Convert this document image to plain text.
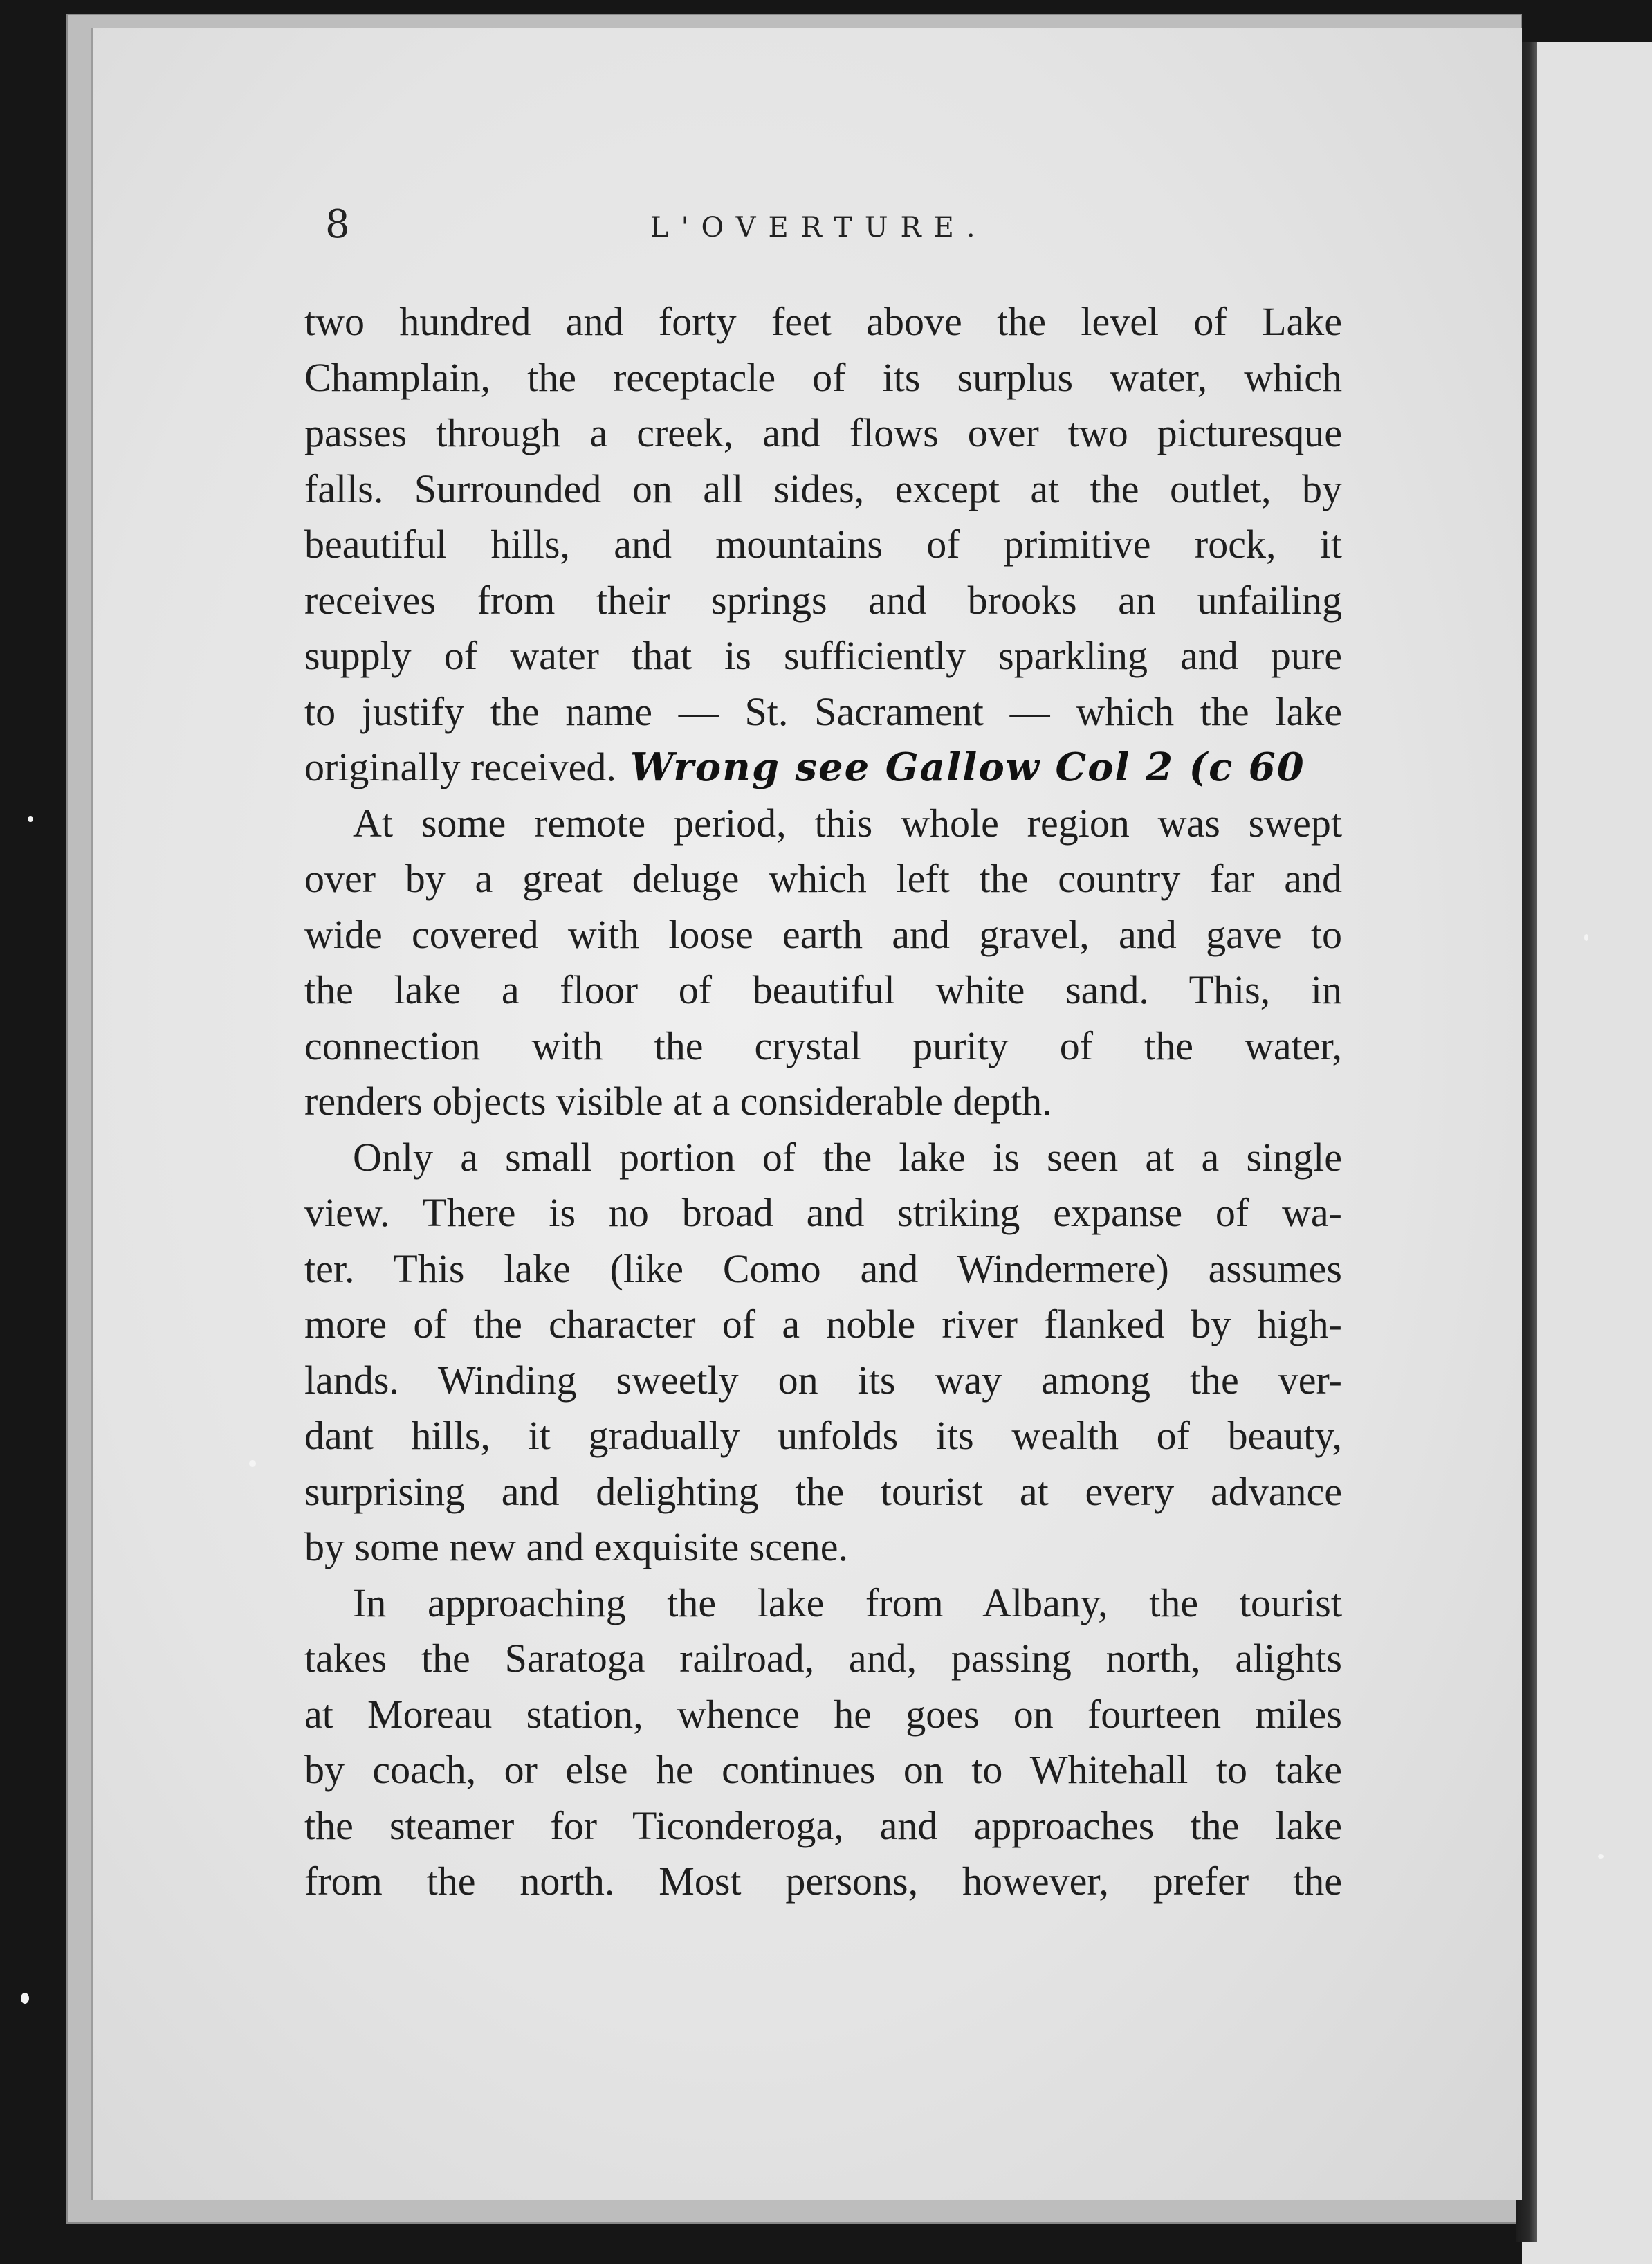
8	L'OVERTURE.
two hundred and forty feet above the level of Lake
Champlain, the receptacle of its surplus water, which
passes through a creek, and flows over two picturesque
falls. Surrounded on all sides, except at the outlet, by
beautiful hills, and mountains of primitive rock, it
receives from their springs and brooks an unfailing
supply of water that is sufficiently sparkling and pure
to justify the name — St. Sacrament — which the lake
originally received. Wrong see Gallow Col 2 (c 60
At some remote period, this whole region was swept
over by a great deluge which left the country far and
wide covered with loose earth and gravel, and gave to
the lake a floor of beautiful white sand. This, in
connection with the crystal purity of the water,
renders objects visible at a considerable depth.
Only a small portion of the lake is seen at a single
view. There is no broad and striking expanse of wa-
ter. This lake (like Como and Windermere) assumes
more of the character of a noble river flanked by high-
lands. Winding sweetly on its way among the ver-
dant hills, it gradually unfolds its wealth of beauty,
surprising and delighting the tourist at every advance
by some new and exquisite scene.
In approaching the lake from Albany, the tourist
takes the Saratoga railroad, and, passing north, alights
at Moreau station, whence he goes on fourteen miles
by coach, or else he continues on to Whitehall to take
the steamer for Ticonderoga, and approaches the lake
from the north. Most persons, however, prefer the
